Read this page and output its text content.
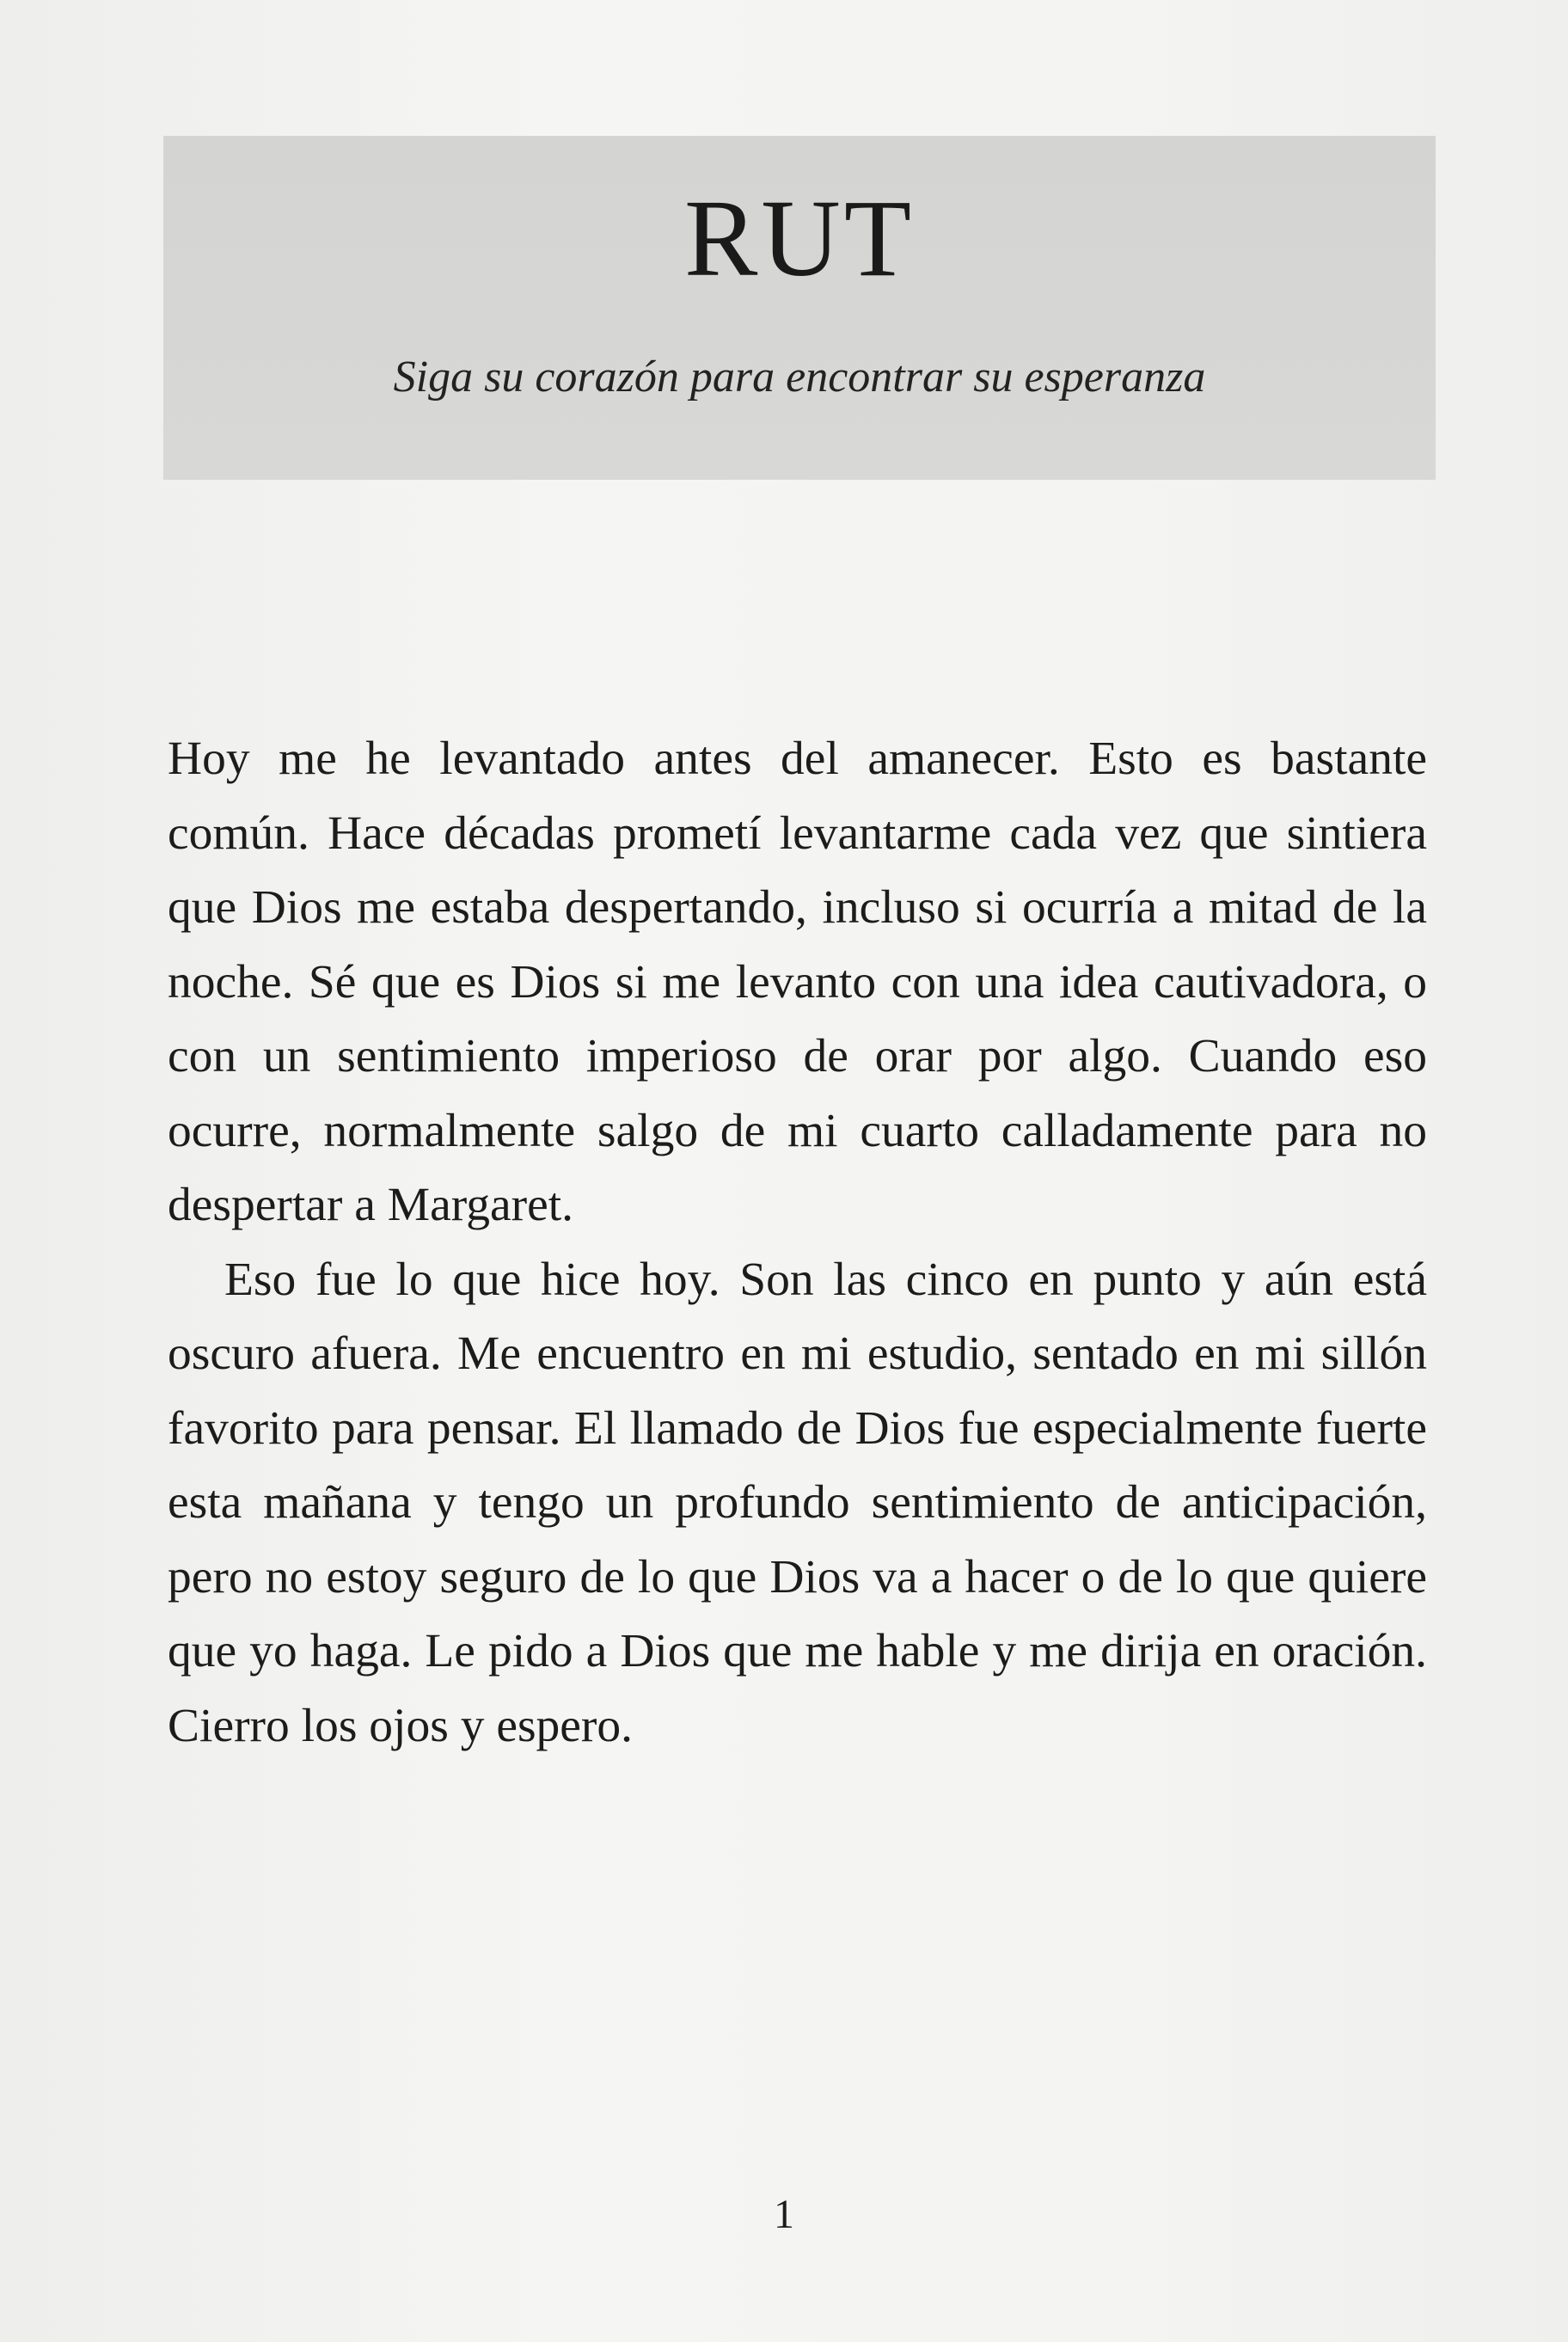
RUT
Siga su corazón para encontrar su esperanza

Hoy me he levantado antes del amanecer. Esto es bastante común. Hace décadas prometí levantarme cada vez que sintiera que Dios me estaba despertando, incluso si ocurría a mitad de la noche. Sé que es Dios si me levanto con una idea cautivadora, o con un sentimiento imperioso de orar por algo. Cuando eso ocurre, normalmente salgo de mi cuarto calladamente para no despertar a Margaret.

Eso fue lo que hice hoy. Son las cinco en punto y aún está oscuro afuera. Me encuentro en mi estudio, sentado en mi sillón favorito para pensar. El llamado de Dios fue especialmente fuerte esta mañana y tengo un profundo sentimiento de anticipación, pero no estoy seguro de lo que Dios va a hacer o de lo que quiere que yo haga. Le pido a Dios que me hable y me dirija en oración. Cierro los ojos y espero.

1
